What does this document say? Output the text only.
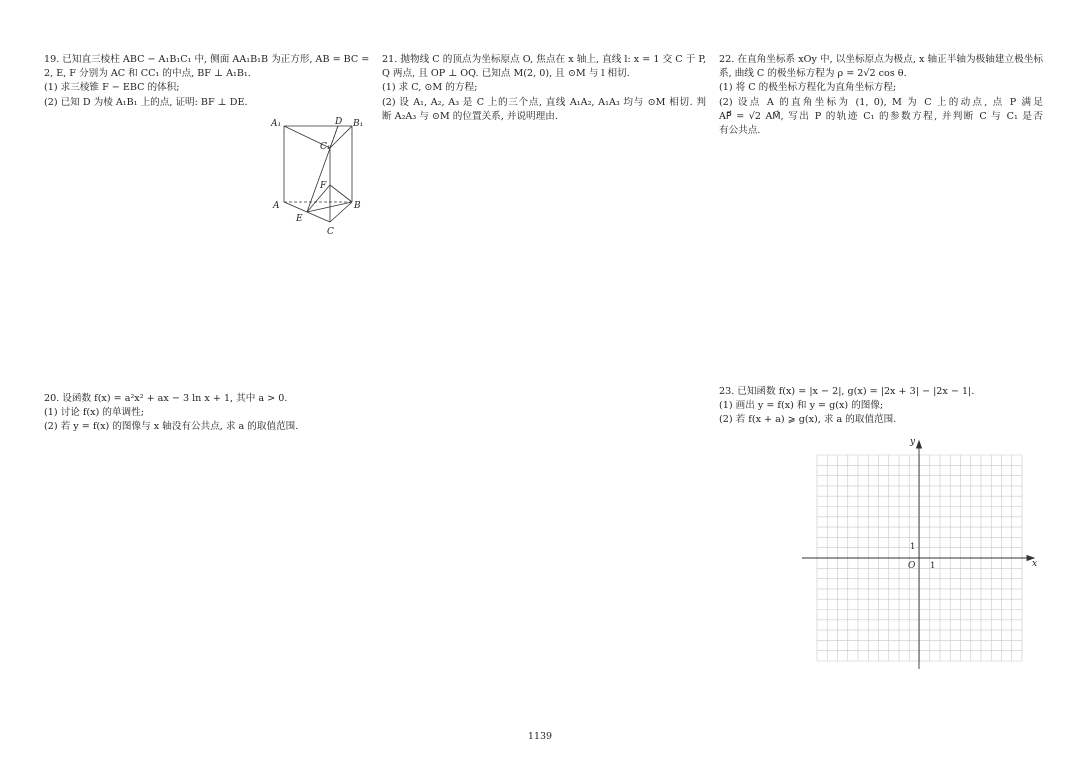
19. 已知直三棱柱 ABC − A₁B₁C₁ 中, 侧面 AA₁B₁B 为正方形, AB = BC =
2, E, F 分别为 AC 和 CC₁ 的中点, BF ⊥ A₁B₁.
(1) 求三棱锥 F − EBC 的体积;
(2) 已知 D 为棱 A₁B₁ 上的点, 证明: BF ⊥ DE.
A₁	D B₁
C₁
F
A	B
E
C
20. 设函数 f(x) = a²x² + ax − 3 ln x + 1, 其中 a > 0.
(1) 讨论 f(x) 的单调性;
(2) 若 y = f(x) 的图像与 x 轴没有公共点, 求 a 的取值范围.
21. 抛物线 C 的顶点为坐标原点 O, 焦点在 x 轴上, 直线 l: x = 1 交 C 于 P,
Q 两点, 且 OP ⊥ OQ. 已知点 M(2, 0), 且 ⊙M 与 l 相切.
(1) 求 C, ⊙M 的方程;
(2) 设 A₁, A₂, A₃ 是 C 上的三个点, 直线 A₁A₂, A₁A₃ 均与 ⊙M 相切. 判
断 A₂A₃ 与 ⊙M 的位置关系, 并说明理由.
22. 在直角坐标系 xOy 中, 以坐标原点为极点, x 轴正半轴为极轴建立极坐标
系, 曲线 C 的极坐标方程为 ρ = 2√2 cos θ.
(1) 将 C 的极坐标方程化为直角坐标方程;
(2) 设点 A 的直角坐标为 (1, 0), M 为 C 上的动点, 点 P 满足
AP⃗ = √2 AM⃗, 写出 P 的轨迹 C₁ 的参数方程, 并判断 C 与 C₁ 是否
有公共点.
23. 已知函数 f(x) = |x − 2|, g(x) = |2x + 3| − |2x − 1|.
(1) 画出 y = f(x) 和 y = g(x) 的图像;
(2) 若 f(x + a) ⩾ g(x), 求 a 的取值范围.
y
x
O 1
1
1139
